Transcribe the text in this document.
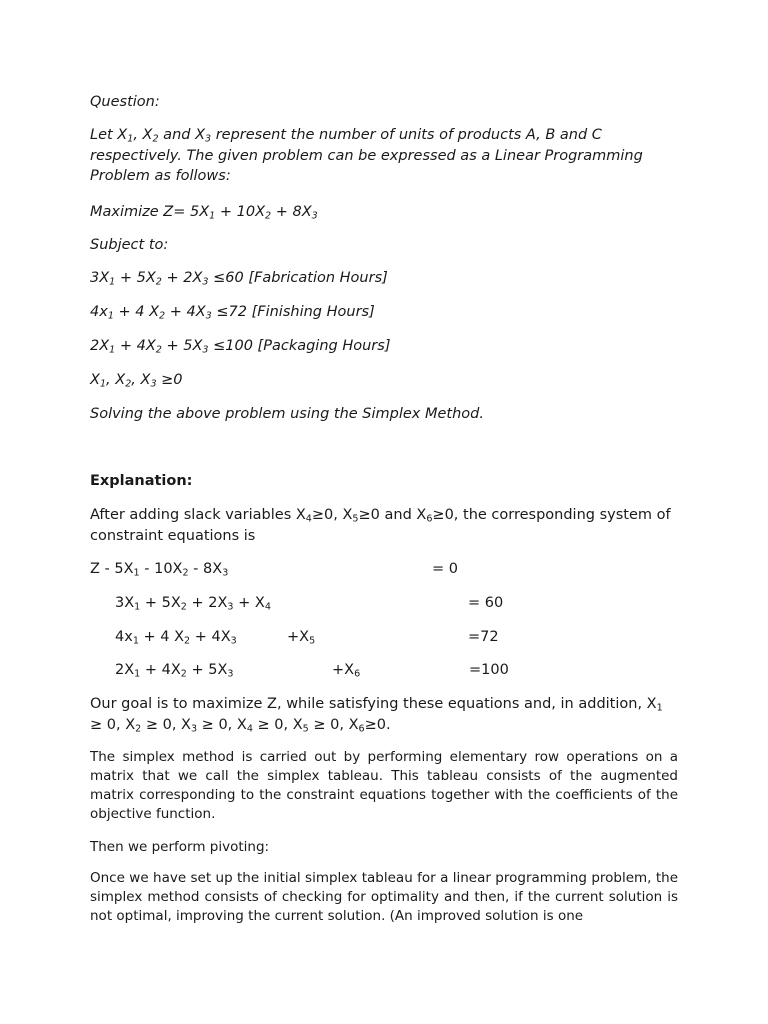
Question:
Let $X_1$, $X_2$ and $X_3$ represent the number of units of products A, B and C respectively. The given problem can be expressed as a Linear Programming Problem as follows:
Maximize $Z= 5X_1 + 10X_2 + 8X_3$
Subject to:
$3X_1 + 5X_2 + 2X_3 \le 60$ [Fabrication Hours]
$4x_1 + 4$ $X_2 + 4X_3 \le 72$ [Finishing Hours]
$2X_1 + 4X_2 + 5X_3 \le 100$ [Packaging Hours]
$X_1$, $X_2$, $X_3 \ge 0$
Solving the above problem using the Simplex Method.
Explanation:
After adding slack variables $X_4\ge 0$, $X_5\ge 0$ and $X_6\ge 0$, the corresponding system of constraint equations is
Z - $5X_1 - 10X_2 - 8X_3$	= 0
$3X_1 + 5X_2 + 2X_3 + X_4$	= 60
$4x_1 + 4$ $X_2 + 4X_3$	$+X_5$	=72
$2X_1 + 4X_2 + 5X_3$	$+X_6$	=100
Our goal is to maximize Z, while satisfying these equations and, in addition, $X_1 \ge 0$, $X_2 \ge 0$, $X_3 \ge 0$, $X_4 \ge 0$, $X_5 \ge 0$, $X_6\ge 0$.
The simplex method is carried out by performing elementary row operations on a matrix that we call the simplex tableau. This tableau consists of the augmented matrix corresponding to the constraint equations together with the coefficients of the objective function.
Then we perform pivoting:
Once we have set up the initial simplex tableau for a linear programming problem, the simplex method consists of checking for optimality and then, if the current solution is not optimal, improving the current solution. (An improved solution is one
